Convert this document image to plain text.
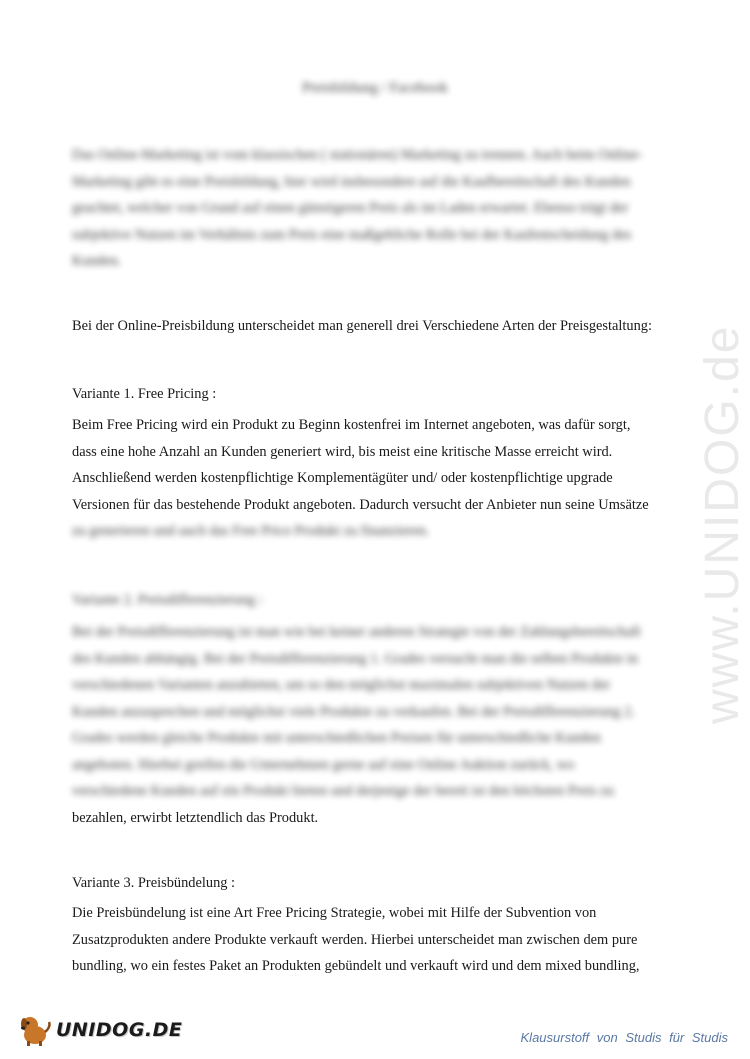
Preisbildung / Facebook
Das Online-Marketing ist vom klassischen ( stationären) Marketing zu trennen. Auch beim Online-
Marketing gibt es eine Preisbildung, hier wird insbesondere auf die Kaufbereitschaft des Kunden
geachtet, welcher von Grund auf einen günstigeren Preis als im Laden erwartet. Ebenso trägt der
subjektive Nutzen im Verhältnis zum Preis eine maßgebliche Rolle bei der Kaufentscheidung des
Kunden.
Bei der Online-Preisbildung unterscheidet man generell drei Verschiedene Arten der Preisgestaltung:
Variante 1. Free Pricing :
Beim Free Pricing wird ein Produkt zu Beginn kostenfrei im Internet angeboten, was dafür sorgt,
dass eine hohe Anzahl an Kunden generiert wird, bis meist eine kritische Masse erreicht wird.
Anschließend werden kostenpflichtige Komplementägüter und/ oder kostenpflichtige upgrade
Versionen für das bestehende Produkt angeboten. Dadurch versucht der Anbieter nun seine Umsätze
zu generieren und auch das Free Price Produkt zu finanzieren.
Variante 2. Preisdifferenzierung :
Bei der Preisdifferenzierung ist man wie bei keiner anderen Strategie von der Zahlungsbereitschaft
des Kunden abhängig. Bei der Preisdifferenzierung 1. Grades versucht man die selben Produkte in
verschiedenen Varianten anzubieten, um so den möglichst maximalen subjektiven Nutzen der
Kunden anzusprechen und möglichst viele Produkte zu verkaufen. Bei der Preisdifferenzierung 2.
Grades werden gleiche Produkte mit unterschiedlichen Preisen für unterschiedliche Kunden
angeboten. Hierbei greifen die Unternehmen gerne auf eine Online Auktion zurück, wo
verschiedene Kunden auf ein Produkt bieten und derjenige der bereit ist den höchsten Preis zu
bezahlen, erwirbt letztendlich das Produkt.
Variante 3. Preisbündelung :
Die Preisbündelung ist eine Art Free Pricing Strategie, wobei mit Hilfe der Subvention von
Zusatzprodukten andere Produkte verkauft werden. Hierbei unterscheidet man zwischen dem pure
bundling, wo ein festes Paket an Produkten gebündelt und verkauft wird und dem mixed bundling,
www.UNIDOG.de
UNIDOG.DE	Klausurstoff von Studis für Studis
